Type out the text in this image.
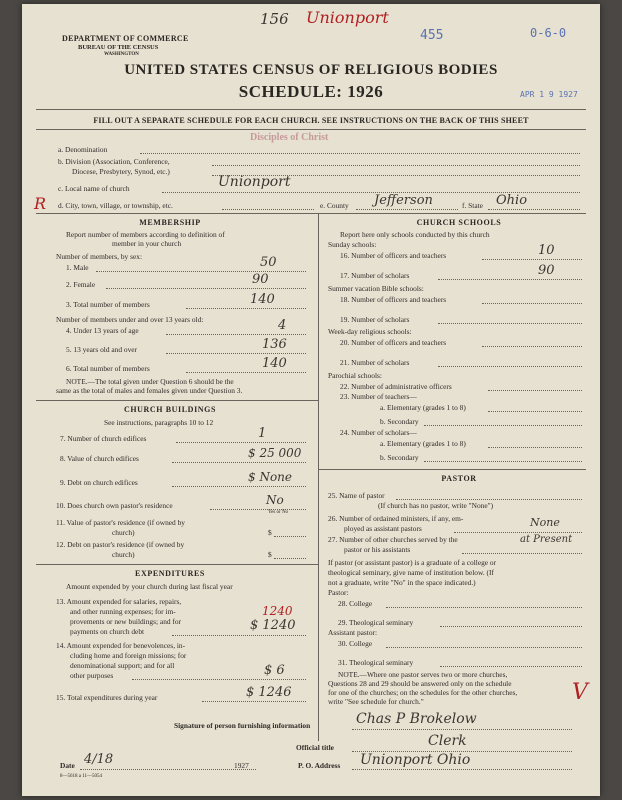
156 Unionport
455	0-6-0
DEPARTMENT OF COMMERCE
BUREAU OF THE CENSUS
WASHINGTON
UNITED STATES CENSUS OF RELIGIOUS BODIES
SCHEDULE: 1926	APR 1 9 1927
FILL OUT A SEPARATE SCHEDULE FOR EACH CHURCH. SEE INSTRUCTIONS ON THE BACK OF THIS SHEET
Disciples of Christ
a. Denomination
b. Division (Association, Conference,
Diocese, Presbytery, Synod, etc.)
c. Local name of church	Unionport
R d. City, town, village, or township, etc.	e. County Jefferson	f. State Ohio
MEMBERSHIP
Report number of members according to definition of
member in your church
Number of members, by sex:
1. Male	50
2. Female	90
3. Total number of members	140
Number of members under and over 13 years old:
4. Under 13 years of age	4
5. 13 years old and over	136
6. Total number of members	140
NOTE.—The total given under Question 6 should be the
same as the total of males and females given under Question 3.
CHURCH BUILDINGS
See instructions, paragraphs 10 to 12
7. Number of church edifices	1
8. Value of church edifices	$ 25 000
9. Debt on church edifices	$ None
10. Does church own pastor's residence	No
Yes or No
11. Value of pastor's residence (if owned by
church)	$
12. Debt on pastor's residence (if owned by
church)	$
EXPENDITURES
Amount expended by your church during last fiscal year
13. Amount expended for salaries, repairs,
and other running expenses; for im-
provements or new buildings; and for
payments on church debt
1240
$ 1240
14. Amount expended for benevolences, in-
cluding home and foreign missions; for
denominational support; and for all
other purposes	$ 6
15. Total expenditures during year	$ 1246
CHURCH SCHOOLS
Report here only schools conducted by this church
Sunday schools:
16. Number of officers and teachers	10
17. Number of scholars	90
Summer vacation Bible schools:
18. Number of officers and teachers
19. Number of scholars
Week-day religious schools:
20. Number of officers and teachers
21. Number of scholars
Parochial schools:
22. Number of administrative officers
23. Number of teachers—
a. Elementary (grades 1 to 8)
b. Secondary
24. Number of scholars—
a. Elementary (grades 1 to 8)
b. Secondary
PASTOR
25. Name of pastor
(If church has no pastor, write "None")
26. Number of ordained ministers, if any, em-
ployed as assistant pastors	None
27. Number of other churches served by the
pastor or his assistants
at Present
If pastor (or assistant pastor) is a graduate of a college or
theological seminary, give name of institution below. (If
not a graduate, write "No" in the space indicated.)
Pastor:
28. College
29. Theological seminary
Assistant pastor:
30. College
31. Theological seminary
NOTE.—Where one pastor serves two or more churches,
Questions 28 and 29 should be answered only on the schedule
for one of the churches; on the schedules for the other churches,
write "See schedule for church."	V
Signature of person furnishing information	Chas P Brokelow
Official title	Clerk
Date 4/18	1927	P. O. Address Unionport Ohio
8—5618 a 11—5054
